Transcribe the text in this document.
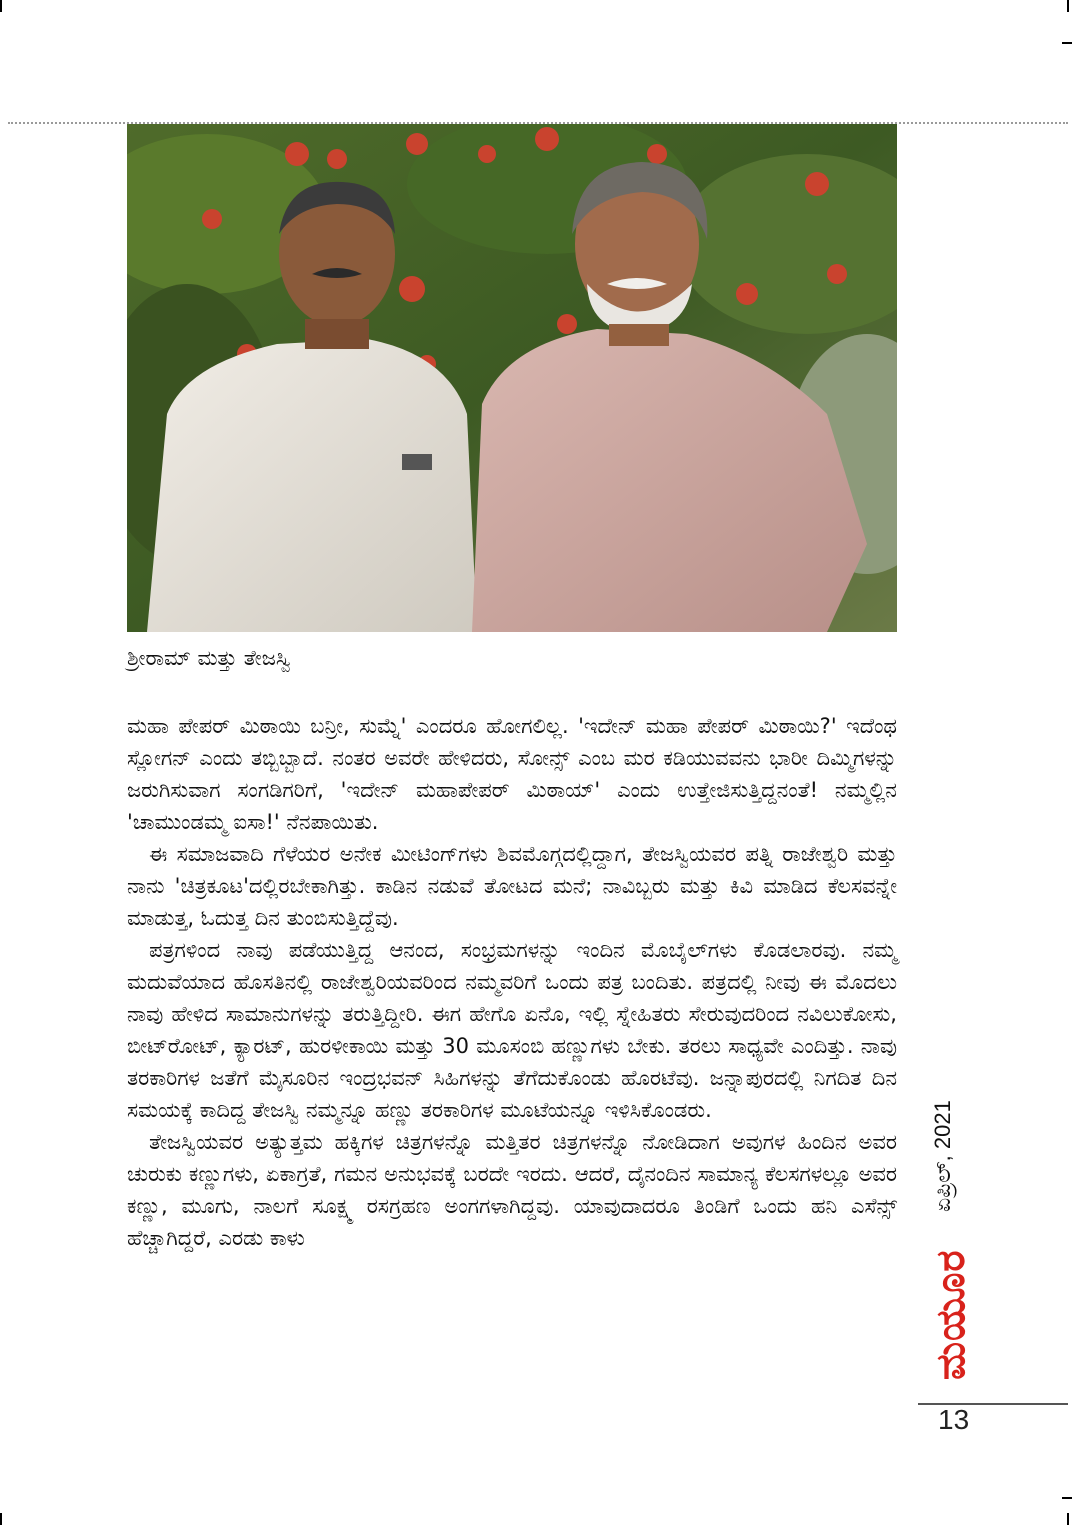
ಶ್ರೀರಾಮ್ ಮತ್ತು ತೇಜಸ್ವಿ

ಮಹಾ ಪೇಪರ್ ಮಿಠಾಯಿ ಬನ್ರೀ, ಸುಮ್ನೆ' ಎಂದರೂ ಹೋಗಲಿಲ್ಲ. 'ಇದೇನ್ ಮಹಾ ಪೇಪರ್ ಮಿಠಾಯಿ?' ಇದೆಂಥ ಸ್ಲೋಗನ್ ಎಂದು ತಬ್ಬಿಬ್ಬಾದೆ. ನಂತರ ಅವರೇ ಹೇಳಿದರು, ಸೋನ್ಸ್ ಎಂಬ ಮರ ಕಡಿಯುವವನು ಭಾರೀ ದಿಮ್ಮಿಗಳನ್ನು ಜರುಗಿಸುವಾಗ ಸಂಗಡಿಗರಿಗೆ, 'ಇದೇನ್ ಮಹಾಪೇಪರ್ ಮಿಠಾಯ್' ಎಂದು ಉತ್ತೇಜಿಸುತ್ತಿದ್ದನಂತೆ! ನಮ್ಮಲ್ಲಿನ 'ಚಾಮುಂಡಮ್ಮ ಐಸಾ!' ನೆನಪಾಯಿತು.

ಈ ಸಮಾಜವಾದಿ ಗೆಳೆಯರ ಅನೇಕ ಮೀಟಿಂಗ್‌ಗಳು ಶಿವಮೊಗ್ಗದಲ್ಲಿದ್ದಾಗ, ತೇಜಸ್ವಿಯವರ ಪತ್ನಿ ರಾಜೇಶ್ವರಿ ಮತ್ತು ನಾನು 'ಚಿತ್ರಕೂಟ'ದಲ್ಲಿರಬೇಕಾಗಿತ್ತು. ಕಾಡಿನ ನಡುವೆ ತೋಟದ ಮನೆ; ನಾವಿಬ್ಬರು ಮತ್ತು ಕಿವಿ ಮಾಡಿದ ಕೆಲಸವನ್ನೇ ಮಾಡುತ್ತ, ಓದುತ್ತ ದಿನ ತುಂಬಿಸುತ್ತಿದ್ದೆವು.

ಪತ್ರಗಳಿಂದ ನಾವು ಪಡೆಯುತ್ತಿದ್ದ ಆನಂದ, ಸಂಭ್ರಮಗಳನ್ನು ಇಂದಿನ ಮೊಬೈಲ್‌ಗಳು ಕೊಡಲಾರವು. ನಮ್ಮ ಮದುವೆಯಾದ ಹೊಸತಿನಲ್ಲಿ ರಾಜೇಶ್ವರಿಯವರಿಂದ ನಮ್ಮವರಿಗೆ ಒಂದು ಪತ್ರ ಬಂದಿತು. ಪತ್ರದಲ್ಲಿ ನೀವು ಈ ಮೊದಲು ನಾವು ಹೇಳಿದ ಸಾಮಾನುಗಳನ್ನು ತರುತ್ತಿದ್ದೀರಿ. ಈಗ ಹೇಗೊ ಏನೊ, ಇಲ್ಲಿ ಸ್ನೇಹಿತರು ಸೇರುವುದರಿಂದ ನವಿಲುಕೋಸು, ಬೀಟ್‌ರೋಟ್, ಕ್ಯಾರಟ್, ಹುರಳೀಕಾಯಿ ಮತ್ತು 30 ಮೂಸಂಬಿ ಹಣ್ಣುಗಳು ಬೇಕು. ತರಲು ಸಾಧ್ಯವೇ ಎಂದಿತ್ತು. ನಾವು ತರಕಾರಿಗಳ ಜತೆಗೆ ಮೈಸೂರಿನ ಇಂದ್ರಭವನ್ ಸಿಹಿಗಳನ್ನು ತೆಗೆದುಕೊಂಡು ಹೊರಟೆವು. ಜನ್ನಾಪುರದಲ್ಲಿ ನಿಗದಿತ ದಿನ ಸಮಯಕ್ಕೆ ಕಾದಿದ್ದ ತೇಜಸ್ವಿ ನಮ್ಮನ್ನೂ ಹಣ್ಣು ತರಕಾರಿಗಳ ಮೂಟೆಯನ್ನೂ ಇಳಿಸಿಕೊಂಡರು.

ತೇಜಸ್ವಿಯವರ ಅತ್ಯುತ್ತಮ ಹಕ್ಕಿಗಳ ಚಿತ್ರಗಳನ್ನೊ ಮತ್ತಿತರ ಚಿತ್ರಗಳನ್ನೊ ನೋಡಿದಾಗ ಅವುಗಳ ಹಿಂದಿನ ಅವರ ಚುರುಕು ಕಣ್ಣುಗಳು, ಏಕಾಗ್ರತೆ, ಗಮನ ಅನುಭವಕ್ಕೆ ಬರದೇ ಇರದು. ಆದರೆ, ದೈನಂದಿನ ಸಾಮಾನ್ಯ ಕೆಲಸಗಳಲ್ಲೂ ಅವರ ಕಣ್ಣು, ಮೂಗು, ನಾಲಗೆ ಸೂಕ್ಷ್ಮ ರಸಗ್ರಹಣ ಅಂಗಗಳಾಗಿದ್ದವು. ಯಾವುದಾದರೂ ತಿಂಡಿಗೆ ಒಂದು ಹನಿ ಎಸೆನ್ಸ್ ಹೆಚ್ಚಾಗಿದ್ದರೆ, ಎರಡು ಕಾಳು

ಏಪ್ರಿಲ್, 2021
ಮಯೂರ
13
